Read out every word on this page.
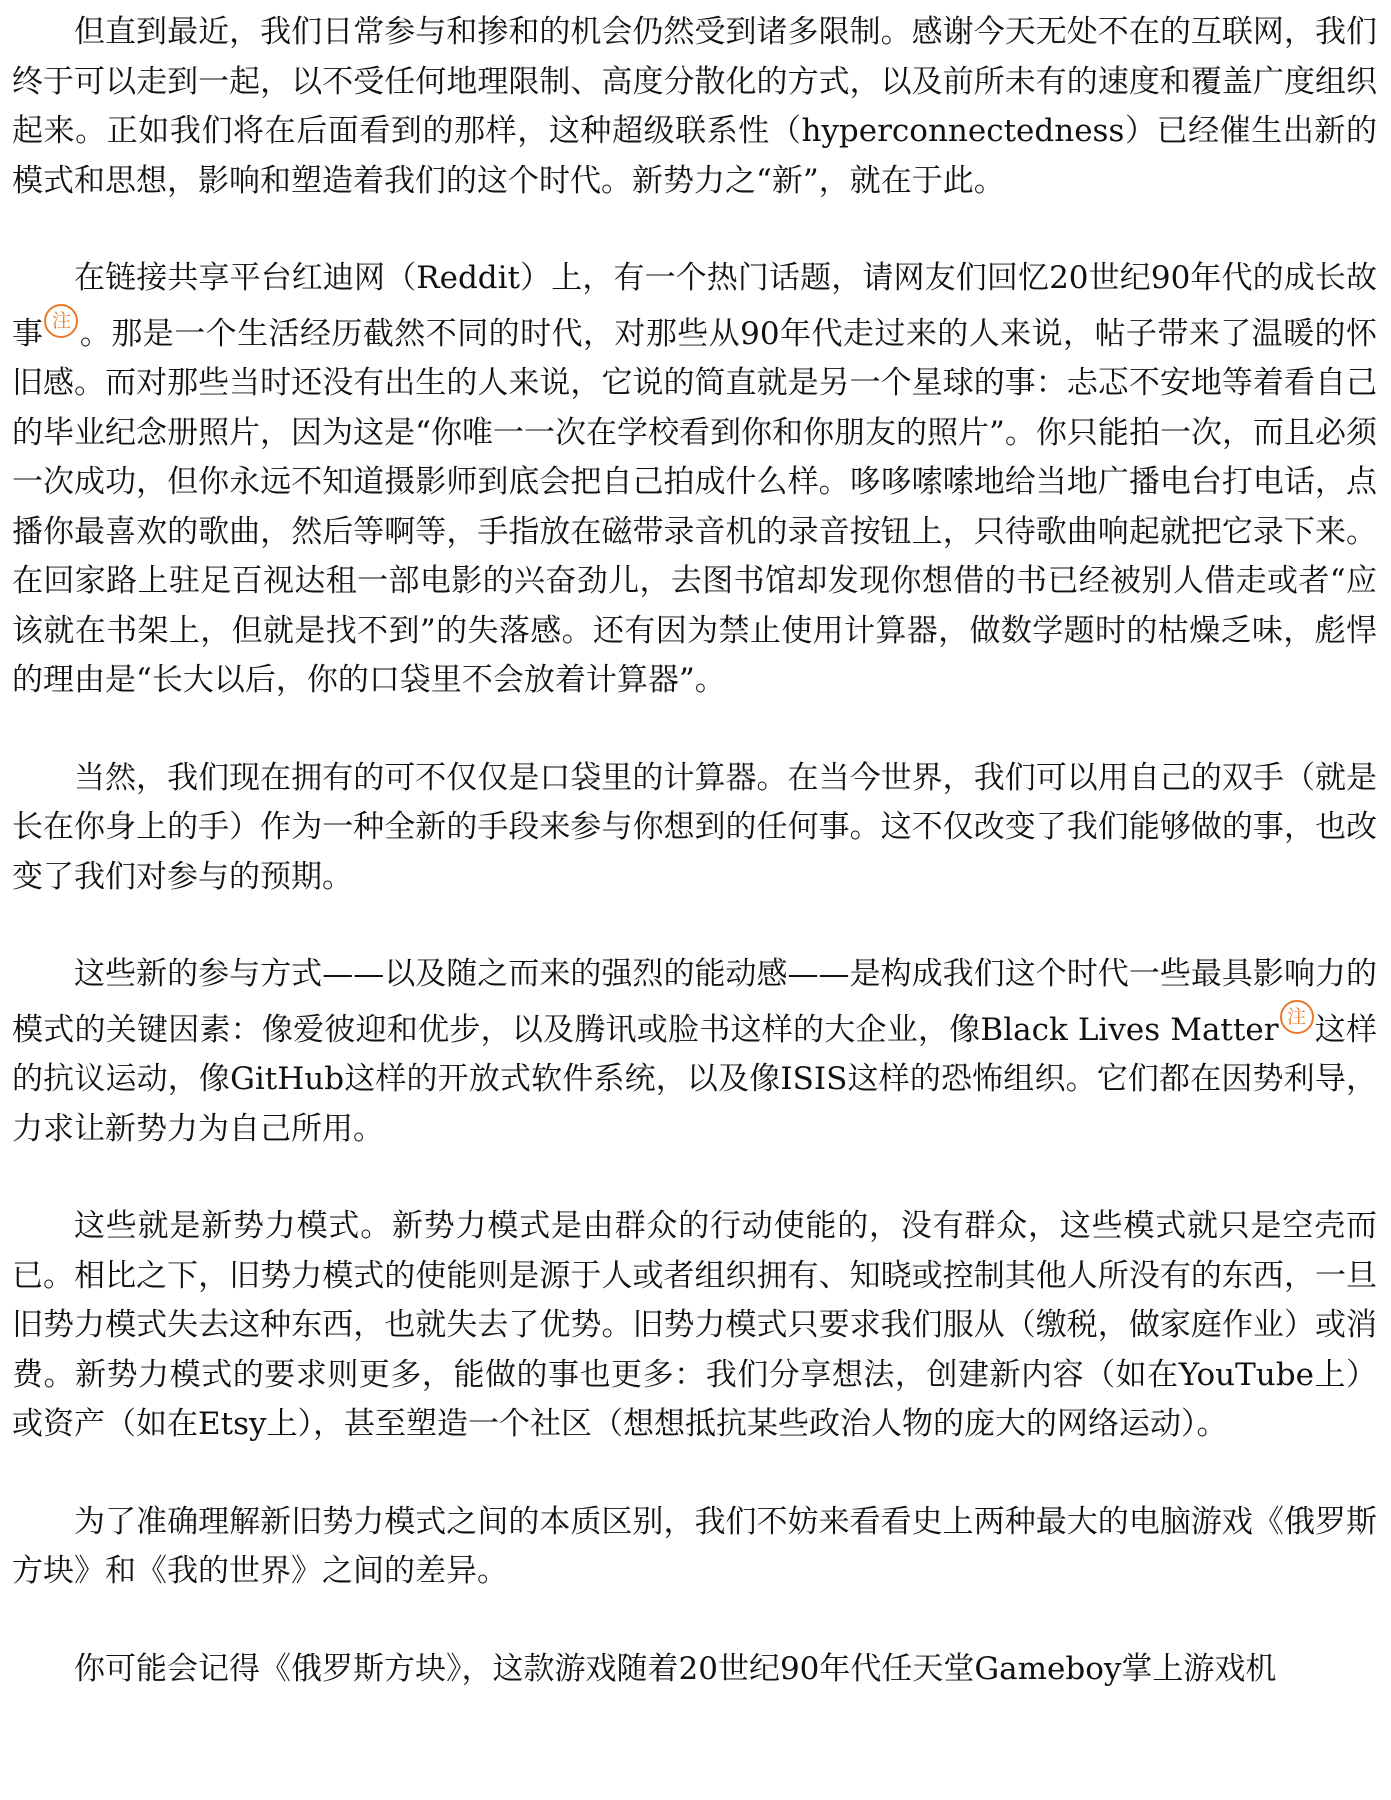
但直到最近，我们日常参与和掺和的机会仍然受到诸多限制。感谢今天无处不在的互联网，我们终于可以走到一起，以不受任何地理限制、高度分散化的方式，以及前所未有的速度和覆盖广度组织起来。正如我们将在后面看到的那样，这种超级联系性（hyperconnectedness）已经催生出新的模式和思想，影响和塑造着我们的这个时代。新势力之“新”，就在于此。

在链接共享平台红迪网（Reddit）上，有一个热门话题，请网友们回忆20世纪90年代的成长故事 注 。那是一个生活经历截然不同的时代，对那些从90年代走过来的人来说，帖子带来了温暖的怀旧感。而对那些当时还没有出生的人来说，它说的简直就是另一个星球的事：忐忑不安地等着看自己的毕业纪念册照片，因为这是“你唯一一次在学校看到你和你朋友的照片”。你只能拍一次，而且必须一次成功，但你永远不知道摄影师到底会把自己拍成什么样。哆哆嗦嗦地给当地广播电台打电话，点播你最喜欢的歌曲，然后等啊等，手指放在磁带录音机的录音按钮上，只待歌曲响起就把它录下来。在回家路上驻足百视达租一部电影的兴奋劲儿，去图书馆却发现你想借的书已经被别人借走或者“应该就在书架上，但就是找不到”的失落感。还有因为禁止使用计算器，做数学题时的枯燥乏味，彪悍的理由是“长大以后，你的口袋里不会放着计算器”。

当然，我们现在拥有的可不仅仅是口袋里的计算器。在当今世界，我们可以用自己的双手（就是长在你身上的手）作为一种全新的手段来参与你想到的任何事。这不仅改变了我们能够做的事，也改变了我们对参与的预期。

这些新的参与方式——以及随之而来的强烈的能动感——是构成我们这个时代一些最具影响力的模式的关键因素：像爱彼迎和优步，以及腾讯或脸书这样的大企业，像Black Lives Matter 注 这样的抗议运动，像GitHub这样的开放式软件系统，以及像ISIS这样的恐怖组织。它们都在因势利导，力求让新势力为自己所用。

这些就是新势力模式。新势力模式是由群众的行动使能的，没有群众，这些模式就只是空壳而已。相比之下，旧势力模式的使能则是源于人或者组织拥有、知晓或控制其他人所没有的东西，一旦旧势力模式失去这种东西，也就失去了优势。旧势力模式只要求我们服从（缴税，做家庭作业）或消费。新势力模式的要求则更多，能做的事也更多：我们分享想法，创建新内容（如在YouTube上）或资产（如在Etsy上），甚至塑造一个社区（想想抵抗某些政治人物的庞大的网络运动）。

为了准确理解新旧势力模式之间的本质区别，我们不妨来看看史上两种最大的电脑游戏《俄罗斯方块》和《我的世界》之间的差异。

你可能会记得《俄罗斯方块》，这款游戏随着20世纪90年代任天堂Gameboy掌上游戏机
